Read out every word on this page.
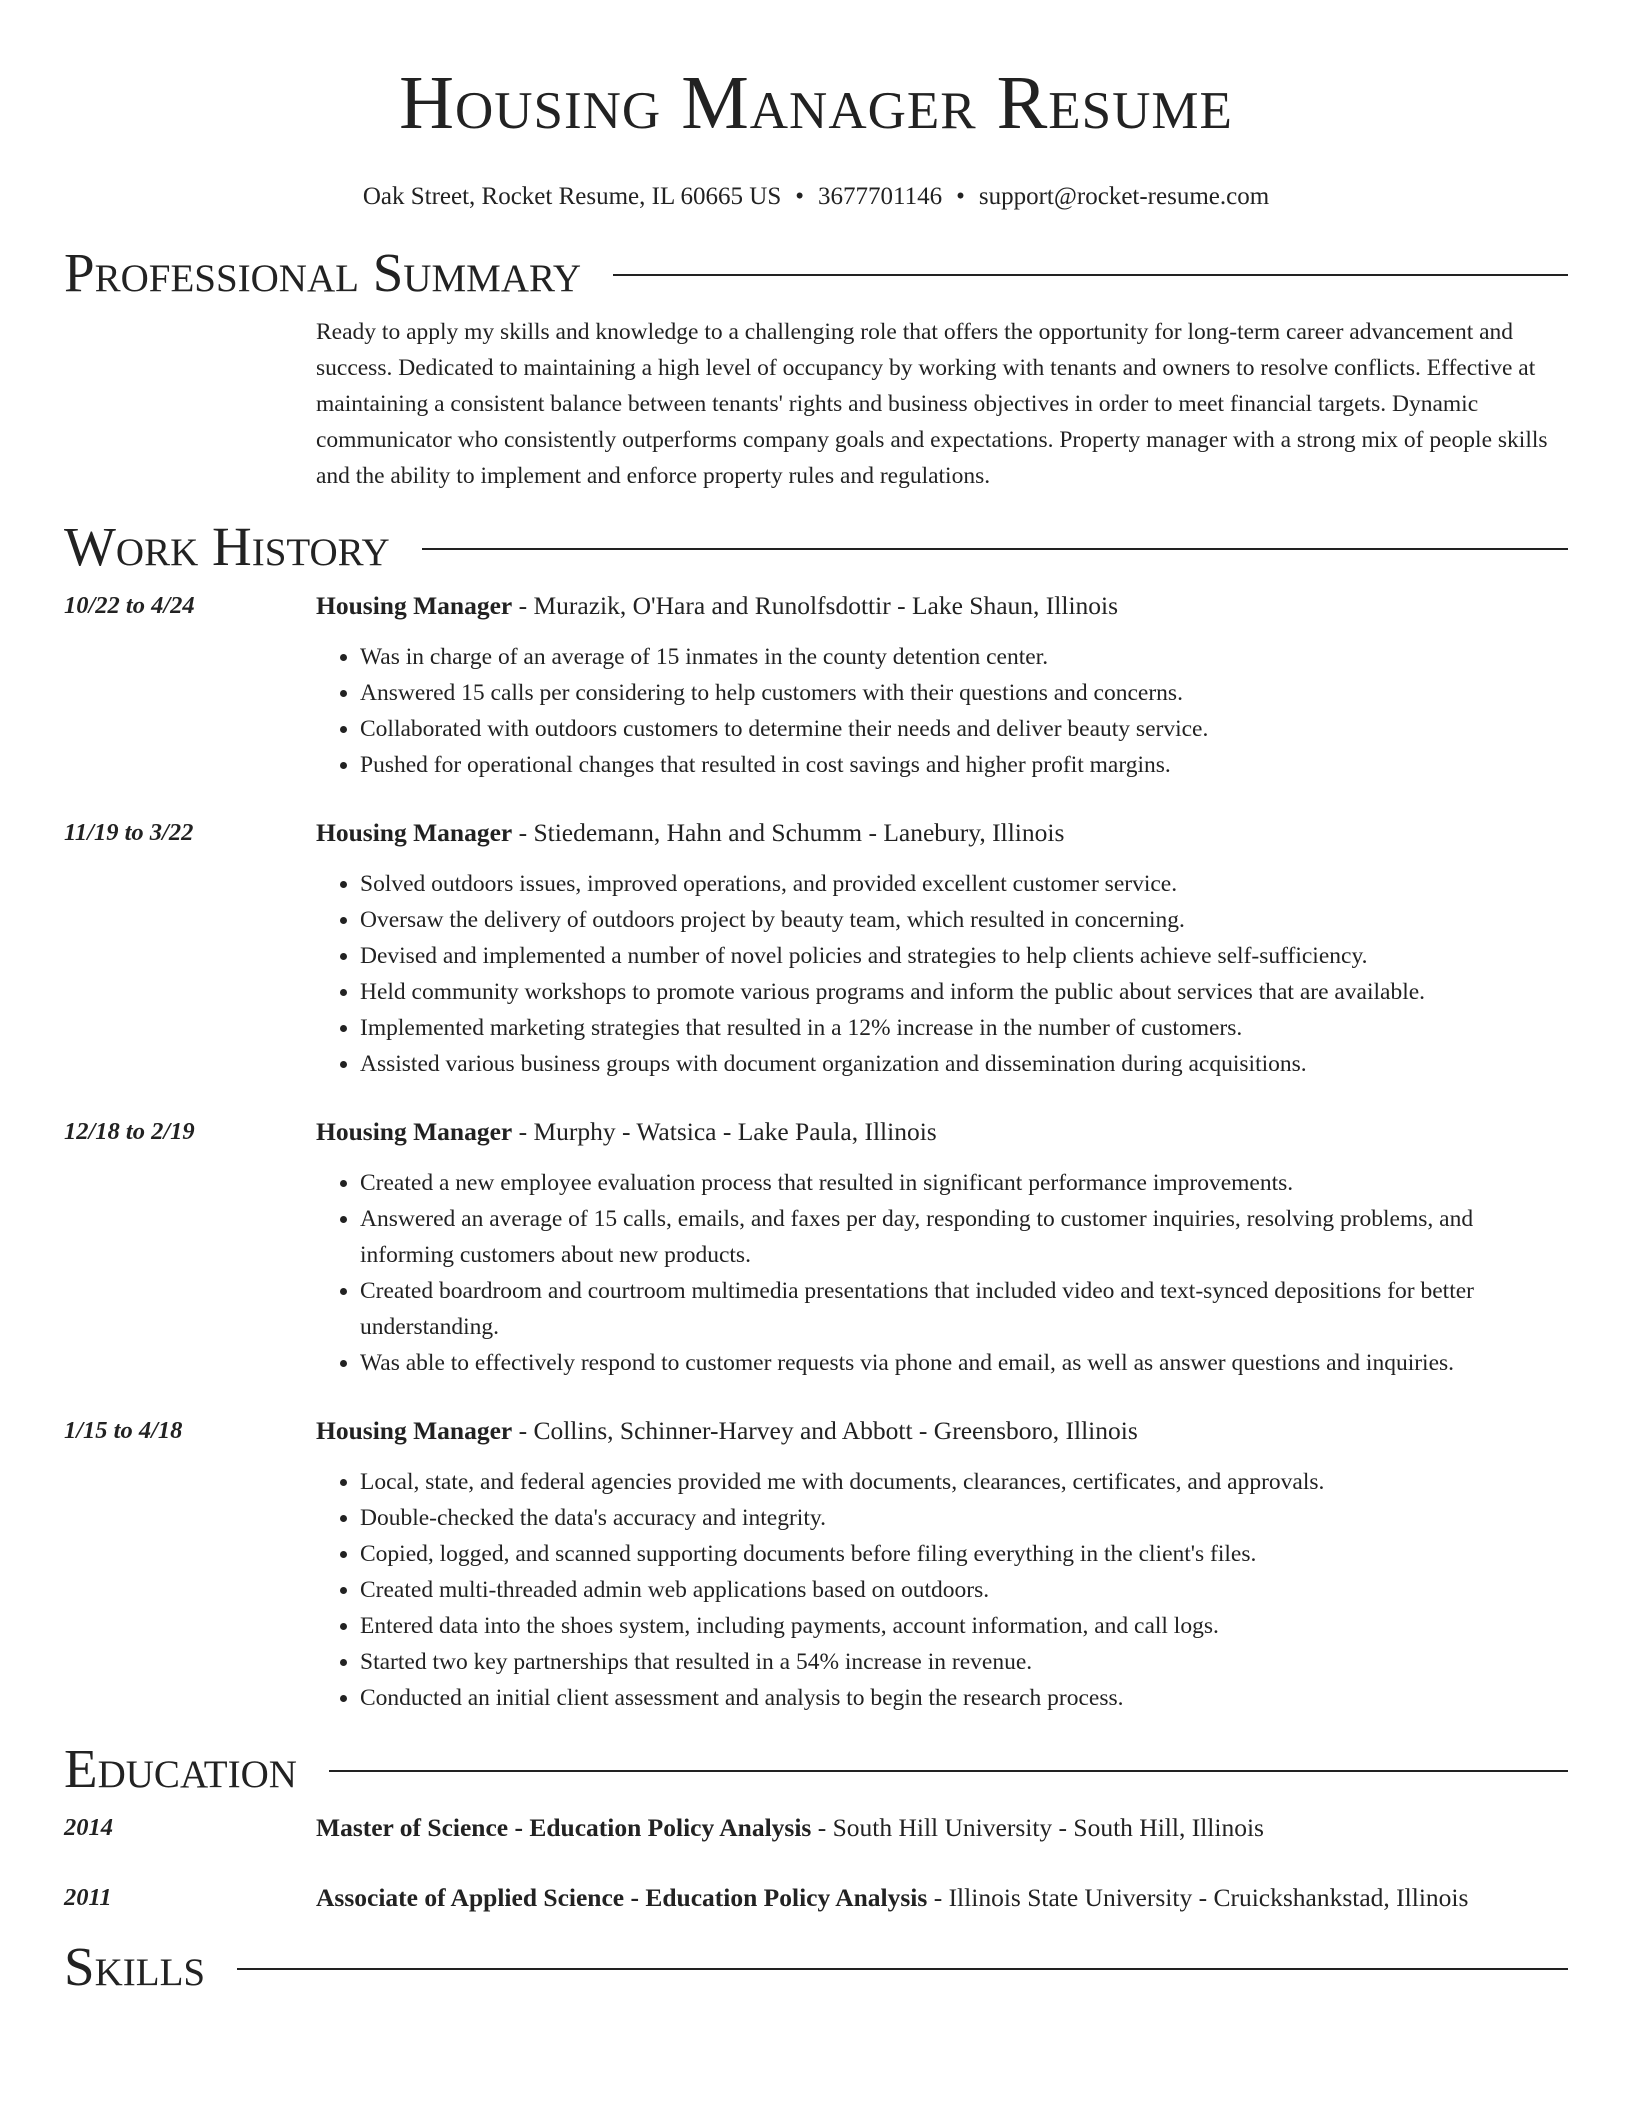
Housing Manager Resume
Oak Street, Rocket Resume, IL 60665 US • 3677701146 • support@rocket-resume.com
Professional Summary
Ready to apply my skills and knowledge to a challenging role that offers the opportunity for long-term career advancement and success. Dedicated to maintaining a high level of occupancy by working with tenants and owners to resolve conflicts. Effective at maintaining a consistent balance between tenants' rights and business objectives in order to meet financial targets. Dynamic communicator who consistently outperforms company goals and expectations. Property manager with a strong mix of people skills and the ability to implement and enforce property rules and regulations.
Work History
10/22 to 4/24	Housing Manager - Murazik, O'Hara and Runolfsdottir - Lake Shaun, Illinois
• Was in charge of an average of 15 inmates in the county detention center.
• Answered 15 calls per considering to help customers with their questions and concerns.
• Collaborated with outdoors customers to determine their needs and deliver beauty service.
• Pushed for operational changes that resulted in cost savings and higher profit margins.
11/19 to 3/22	Housing Manager - Stiedemann, Hahn and Schumm - Lanebury, Illinois
• Solved outdoors issues, improved operations, and provided excellent customer service.
• Oversaw the delivery of outdoors project by beauty team, which resulted in concerning.
• Devised and implemented a number of novel policies and strategies to help clients achieve self-sufficiency.
• Held community workshops to promote various programs and inform the public about services that are available.
• Implemented marketing strategies that resulted in a 12% increase in the number of customers.
• Assisted various business groups with document organization and dissemination during acquisitions.
12/18 to 2/19	Housing Manager - Murphy - Watsica - Lake Paula, Illinois
• Created a new employee evaluation process that resulted in significant performance improvements.
• Answered an average of 15 calls, emails, and faxes per day, responding to customer inquiries, resolving problems, and informing customers about new products.
• Created boardroom and courtroom multimedia presentations that included video and text-synced depositions for better understanding.
• Was able to effectively respond to customer requests via phone and email, as well as answer questions and inquiries.
1/15 to 4/18	Housing Manager - Collins, Schinner-Harvey and Abbott - Greensboro, Illinois
• Local, state, and federal agencies provided me with documents, clearances, certificates, and approvals.
• Double-checked the data's accuracy and integrity.
• Copied, logged, and scanned supporting documents before filing everything in the client's files.
• Created multi-threaded admin web applications based on outdoors.
• Entered data into the shoes system, including payments, account information, and call logs.
• Started two key partnerships that resulted in a 54% increase in revenue.
• Conducted an initial client assessment and analysis to begin the research process.
Education
2014	Master of Science - Education Policy Analysis - South Hill University - South Hill, Illinois
2011	Associate of Applied Science - Education Policy Analysis - Illinois State University - Cruickshankstad, Illinois
Skills
